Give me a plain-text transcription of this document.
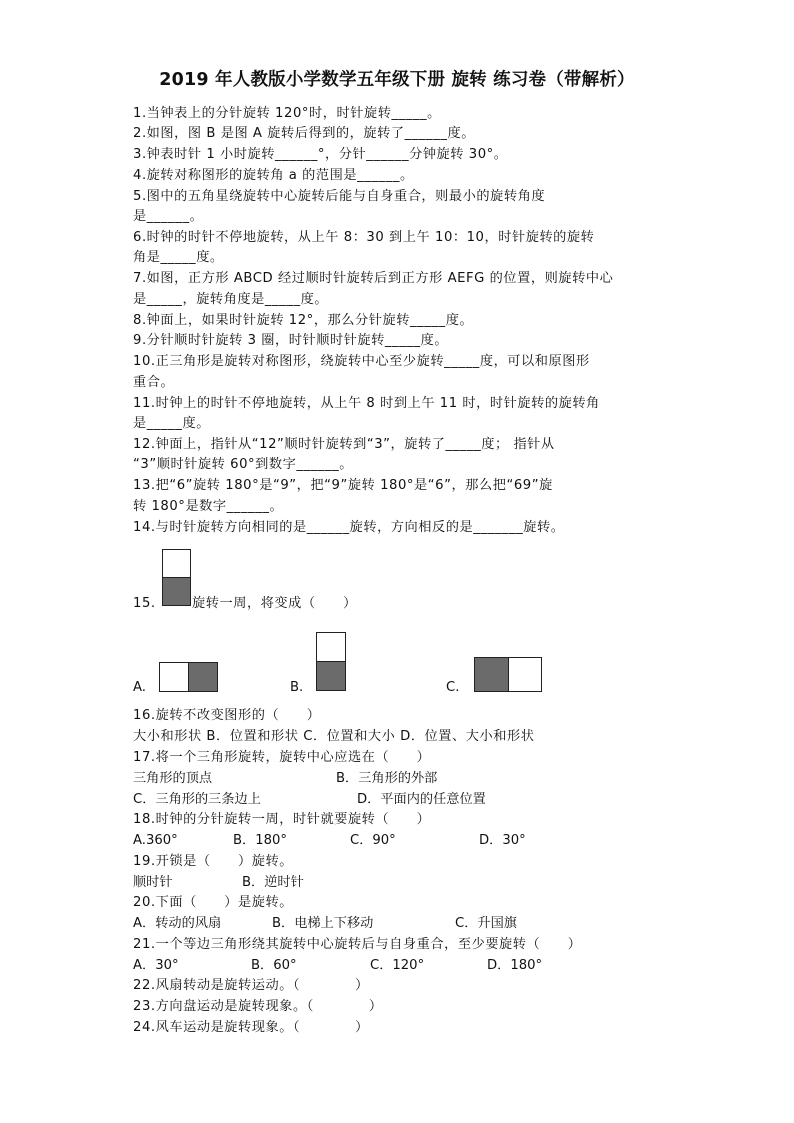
2019 年人教版小学数学五年级下册 旋转 练习卷（带解析）
1.当钟表上的分针旋转 120°时，时针旋转_____。
2.如图，图 B 是图 A 旋转后得到的，旋转了______度。
3.钟表时针 1 小时旋转______°，分针______分钟旋转 30°。
4.旋转对称图形的旋转角 a 的范围是______。
5.图中的五角星绕旋转中心旋转后能与自身重合，则最小的旋转角度
是______。
6.时钟的时针不停地旋转，从上午 8：30 到上午 10：10，时针旋转的旋转
角是_____度。
7.如图，正方形 ABCD 经过顺时针旋转后到正方形 AEFG 的位置，则旋转中心
是_____，旋转角度是_____度。
8.钟面上，如果时针旋转 12°，那么分针旋转_____度。
9.分针顺时针旋转 3 圈，时针顺时针旋转_____度。
10.正三角形是旋转对称图形，绕旋转中心至少旋转_____度，可以和原图形
重合。
11.时钟上的时针不停地旋转，从上午 8 时到上午 11 时，时针旋转的旋转角
是_____度。
12.钟面上，指针从“12”顺时针旋转到“3”，旋转了_____度； 指针从
“3”顺时针旋转 60°到数字______。
13.把“6”旋转 180°是“9”，把“9”旋转 180°是“6”，那么把“69”旋
转 180°是数字______。
14.与时针旋转方向相同的是______旋转，方向相反的是_______旋转。
15.	旋转一周，将变成（　　）
A.	B.	C.
16.旋转不改变图形的（　　）
大小和形状 B．位置和形状 C．位置和大小 D．位置、大小和形状
17.将一个三角形旋转，旋转中心应选在（　　）
三角形的顶点	B．三角形的外部
C．三角形的三条边上	D．平面内的任意位置
18.时钟的分针旋转一周，时针就要旋转（　　）
A.360°	B．180°	C．90°	D．30°
19.开锁是（　　）旋转。
顺时针	B．逆时针
20.下面（　　）是旋转。
A．转动的风扇	B．电梯上下移动	C．升国旗
21.一个等边三角形绕其旋转中心旋转后与自身重合，至少要旋转（　　）
A．30°	B．60°	C．120°	D．180°
22.风扇转动是旋转运动。（　　　　）
23.方向盘运动是旋转现象。（　　　　）
24.风车运动是旋转现象。（　　　　）
